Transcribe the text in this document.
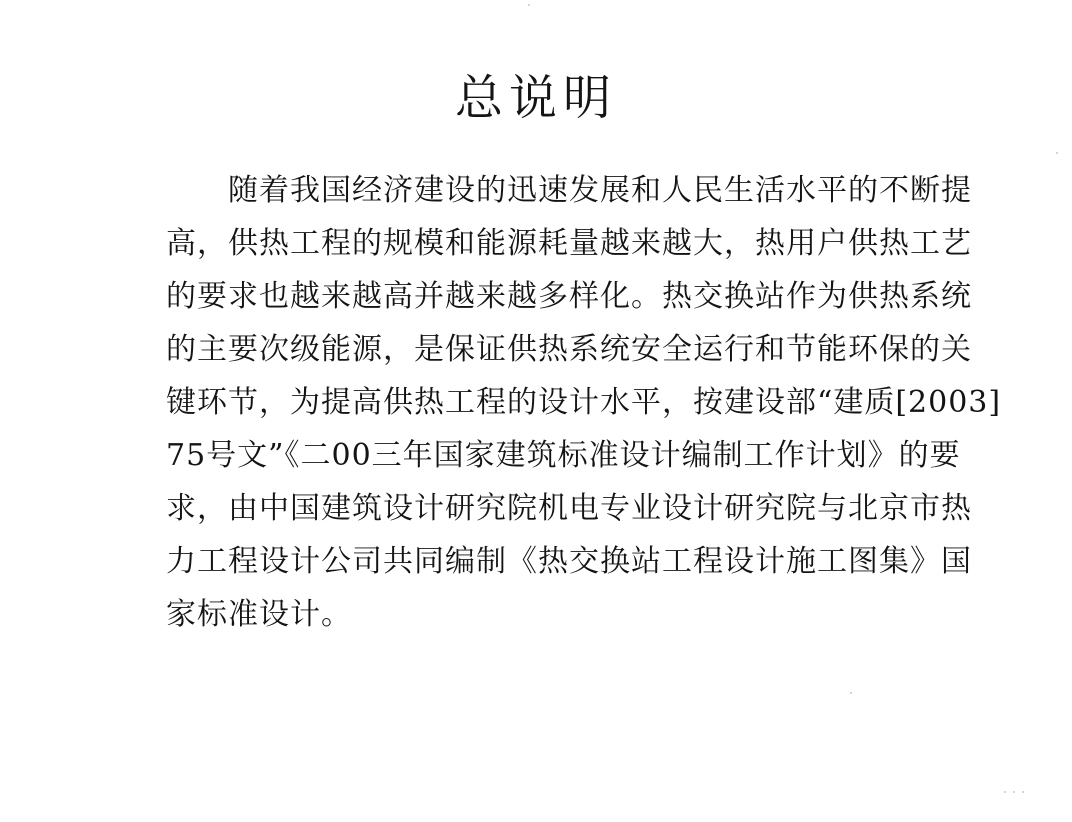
总说明
随着我国经济建设的迅速发展和人民生活水平的不断提
高，供热工程的规模和能源耗量越来越大，热用户供热工艺
的要求也越来越高并越来越多样化。热交换站作为供热系统
的主要次级能源，是保证供热系统安全运行和节能环保的关
键环节，为提高供热工程的设计水平，按建设部“建质[2003]
75号文”《二00三年国家建筑标准设计编制工作计划》的要
求，由中国建筑设计研究院机电专业设计研究院与北京市热
力工程设计公司共同编制《热交换站工程设计施工图集》国
家标准设计。
